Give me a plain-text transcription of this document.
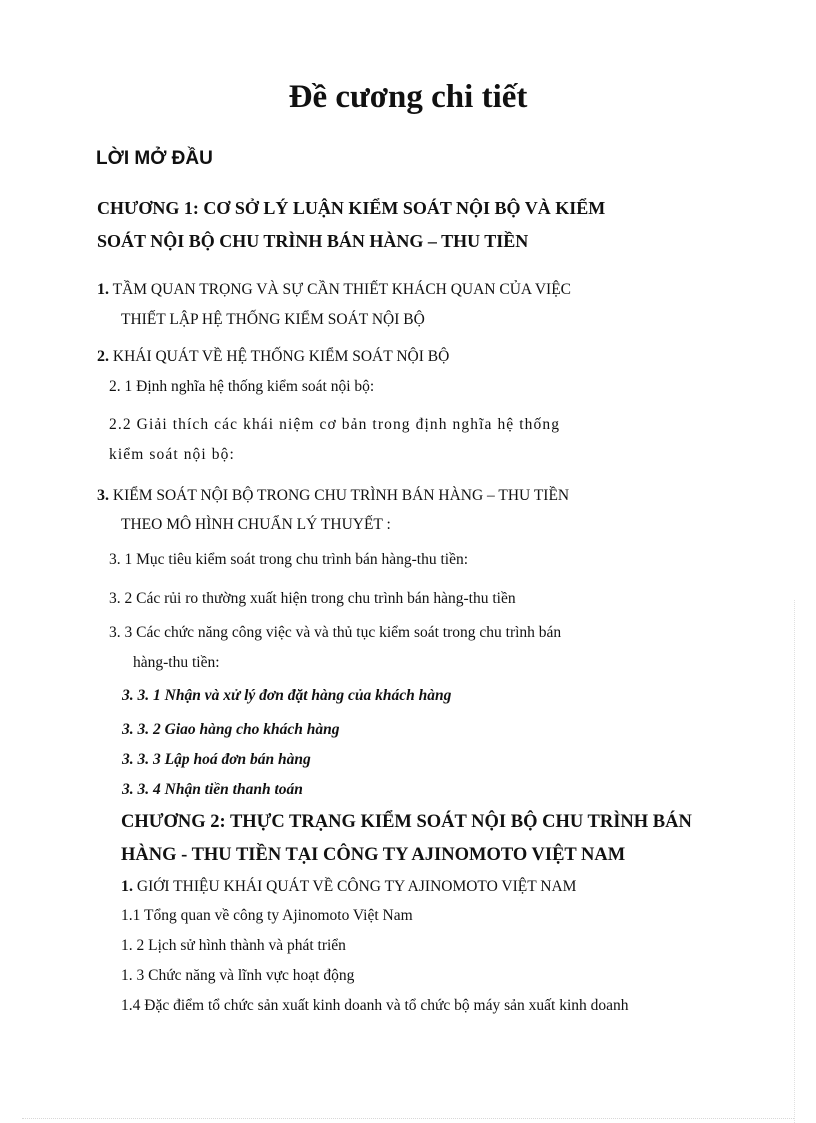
Đề cương chi tiết
LỜI MỞ ĐẦU
CHƯƠNG 1: CƠ SỞ LÝ LUẬN KIỂM SOÁT NỘI BỘ VÀ KIỂM
SOÁT NỘI BỘ CHU TRÌNH BÁN HÀNG – THU TIỀN
1. TẦM QUAN TRỌNG VÀ SỰ CẦN THIẾT KHÁCH QUAN CỦA VIỆC
THIẾT LẬP HỆ THỐNG KIỂM SOÁT NỘI BỘ
2. KHÁI QUÁT VỀ HỆ THỐNG KIỂM SOÁT NỘI BỘ
2. 1 Định nghĩa hệ thống kiểm soát nội bộ:
2.2 Giải thích các khái niệm cơ bản trong định nghĩa hệ thống
kiểm soát nội bộ:
3. KIỂM SOÁT NỘI BỘ TRONG CHU TRÌNH BÁN HÀNG – THU TIỀN
THEO MÔ HÌNH CHUẨN LÝ THUYẾT :
3. 1 Mục tiêu kiểm soát trong chu trình bán hàng-thu tiền:
3. 2 Các rủi ro thường xuất hiện trong chu trình bán hàng-thu tiền
3. 3 Các chức năng công việc và và thủ tục kiểm soát trong chu trình bán
hàng-thu tiền:
3. 3. 1 Nhận và xử lý đơn đặt hàng của khách hàng
3. 3. 2 Giao hàng cho khách hàng
3. 3. 3 Lập hoá đơn bán hàng
3. 3. 4 Nhận tiền thanh toán
CHƯƠNG 2: THỰC TRẠNG KIỂM SOÁT NỘI BỘ CHU TRÌNH BÁN
HÀNG - THU TIỀN TẠI CÔNG TY AJINOMOTO VIỆT NAM
1. GIỚI THIỆU KHÁI QUÁT VỀ CÔNG TY AJINOMOTO VIỆT NAM
1.1 Tổng quan về công ty Ajinomoto Việt Nam
1. 2 Lịch sử hình thành và phát triển
1. 3 Chức năng và lĩnh vực hoạt động
1.4 Đặc điểm tổ chức sản xuất kinh doanh và tổ chức bộ máy sản xuất kinh doanh
